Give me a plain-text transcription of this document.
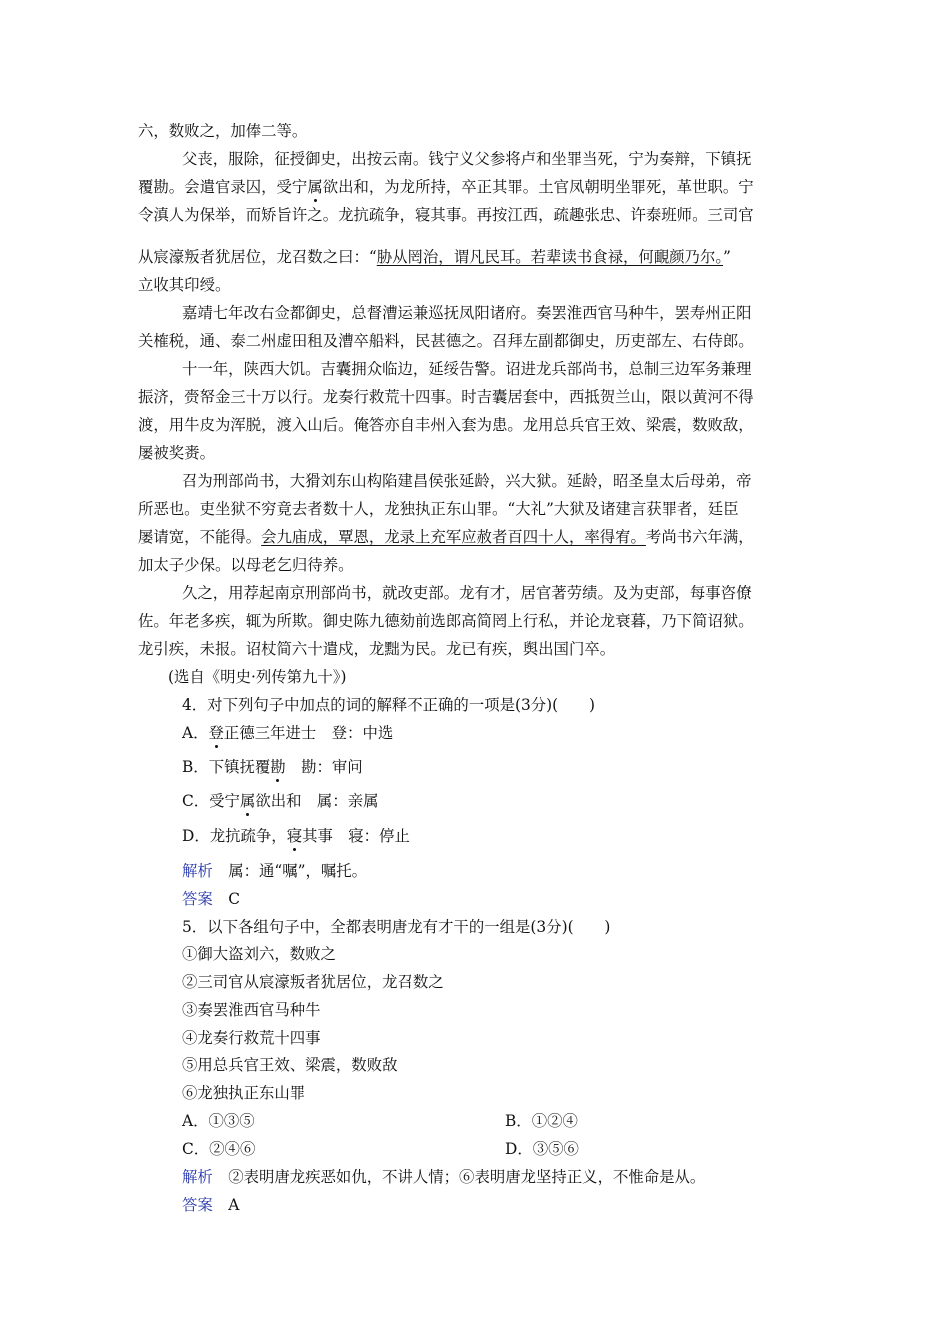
六，数败之，加俸二等。
父丧，服除，征授御史，出按云南。钱宁义父参将卢和坐罪当死，宁为奏辩，下镇抚
覆勘。会遣官录囚，受宁属欲出和，为龙所持，卒正其罪。土官凤朝明坐罪死，革世职。宁
令滇人为保举，而矫旨许之。龙抗疏争，寝其事。再按江西，疏趣张忠、许泰班师。三司官
从宸濠叛者犹居位，龙召数之曰：“胁从罔治，谓凡民耳。若辈读书食禄，何靦颜乃尔。”
立收其印绶。
嘉靖七年改右佥都御史，总督漕运兼巡抚凤阳诸府。奏罢淮西官马种牛，罢寿州正阳
关榷税，通、泰二州虚田租及漕卒船料，民甚德之。召拜左副都御史，历吏部左、右侍郎。
十一年，陕西大饥。吉囊拥众临边，延绥告警。诏进龙兵部尚书，总制三边军务兼理
振济，赍帑金三十万以行。龙奏行救荒十四事。时吉囊居套中，西抵贺兰山，限以黄河不得
渡，用牛皮为浑脱，渡入山后。俺答亦自丰州入套为患。龙用总兵官王效、梁震，数败敌，
屡被奖赉。
召为刑部尚书，大猾刘东山构陷建昌侯张延龄，兴大狱。延龄，昭圣皇太后母弟，帝
所恶也。吏坐狱不穷竟去者数十人，龙独执正东山罪。“大礼”大狱及诸建言获罪者，廷臣
屡请宽，不能得。会九庙成，覃恩，龙录上充军应赦者百四十人，率得宥。考尚书六年满，
加太子少保。以母老乞归待养。
久之，用荐起南京刑部尚书，就改吏部。龙有才，居官著劳绩。及为吏部，每事咨僚
佐。年老多疾，辄为所欺。御史陈九德劾前选郎高简罔上行私，并论龙衰暮，乃下简诏狱。
龙引疾，未报。诏杖简六十遣戍，龙黜为民。龙已有疾，舆出国门卒。
(选自《明史·列传第九十》)
4．对下列句子中加点的词的解释不正确的一项是(3分)(　　)
A．登正德三年进士　登：中选
B．下镇抚覆勘　勘：审问
C．受宁属欲出和　属：亲属
D．龙抗疏争，寝其事　寝：停止
解析　属：通“嘱”，嘱托。
答案　C
5．以下各组句子中，全都表明唐龙有才干的一组是(3分)(　　)
①御大盗刘六，数败之
②三司官从宸濠叛者犹居位，龙召数之
③奏罢淮西官马种牛
④龙奏行救荒十四事
⑤用总兵官王效、梁震，数败敌
⑥龙独执正东山罪
A．①③⑤	B．①②④
C．②④⑥	D．③⑤⑥
解析　②表明唐龙疾恶如仇，不讲人情；⑥表明唐龙坚持正义，不惟命是从。
答案　A
